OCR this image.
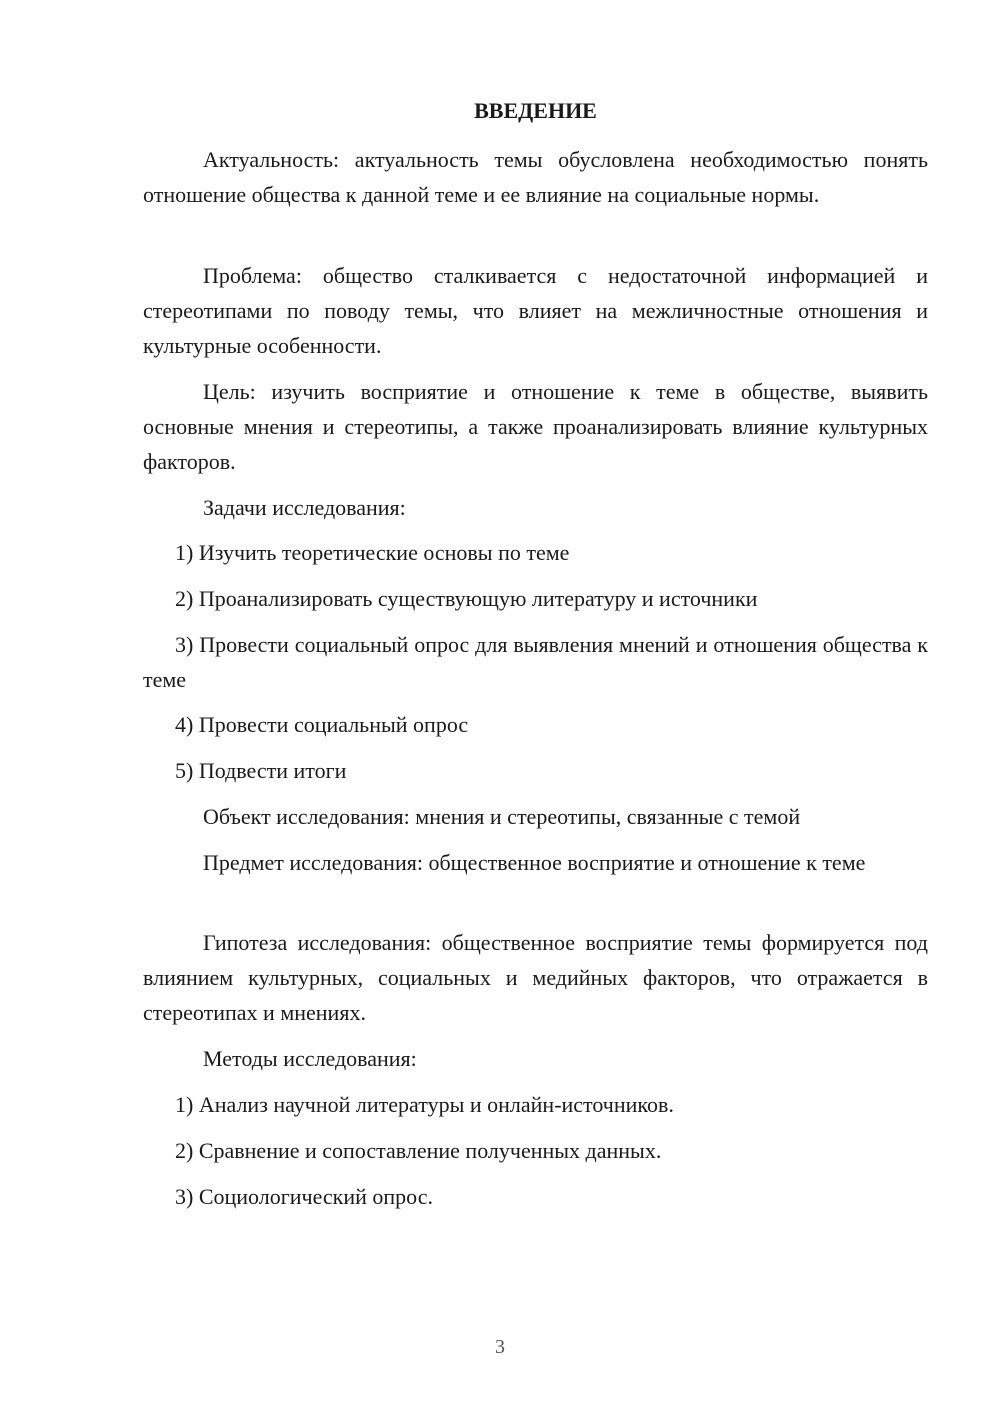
ВВЕДЕНИЕ

Актуальность: актуальность темы обусловлена необходимостью понять отношение общества к данной теме и ее влияние на социальные нормы.

Проблема: общество сталкивается с недостаточной информацией и стереотипами по поводу темы, что влияет на межличностные отношения и культурные особенности.

Цель: изучить восприятие и отношение к теме в обществе, выявить основные мнения и стереотипы, а также проанализировать влияние культурных факторов.

Задачи исследования:

1) Изучить теоретические основы по теме

2) Проанализировать существующую литературу и источники

3) Провести социальный опрос для выявления мнений и отношения общества к теме

4) Провести социальный опрос

5) Подвести итоги

Объект исследования: мнения и стереотипы, связанные с темой

Предмет исследования: общественное восприятие и отношение к теме

Гипотеза исследования: общественное восприятие темы формируется под влиянием культурных, социальных и медийных факторов, что отражается в стереотипах и мнениях.

Методы исследования:

1) Анализ научной литературы и онлайн-источников.

2) Сравнение и сопоставление полученных данных.

3) Социологический опрос.

3
